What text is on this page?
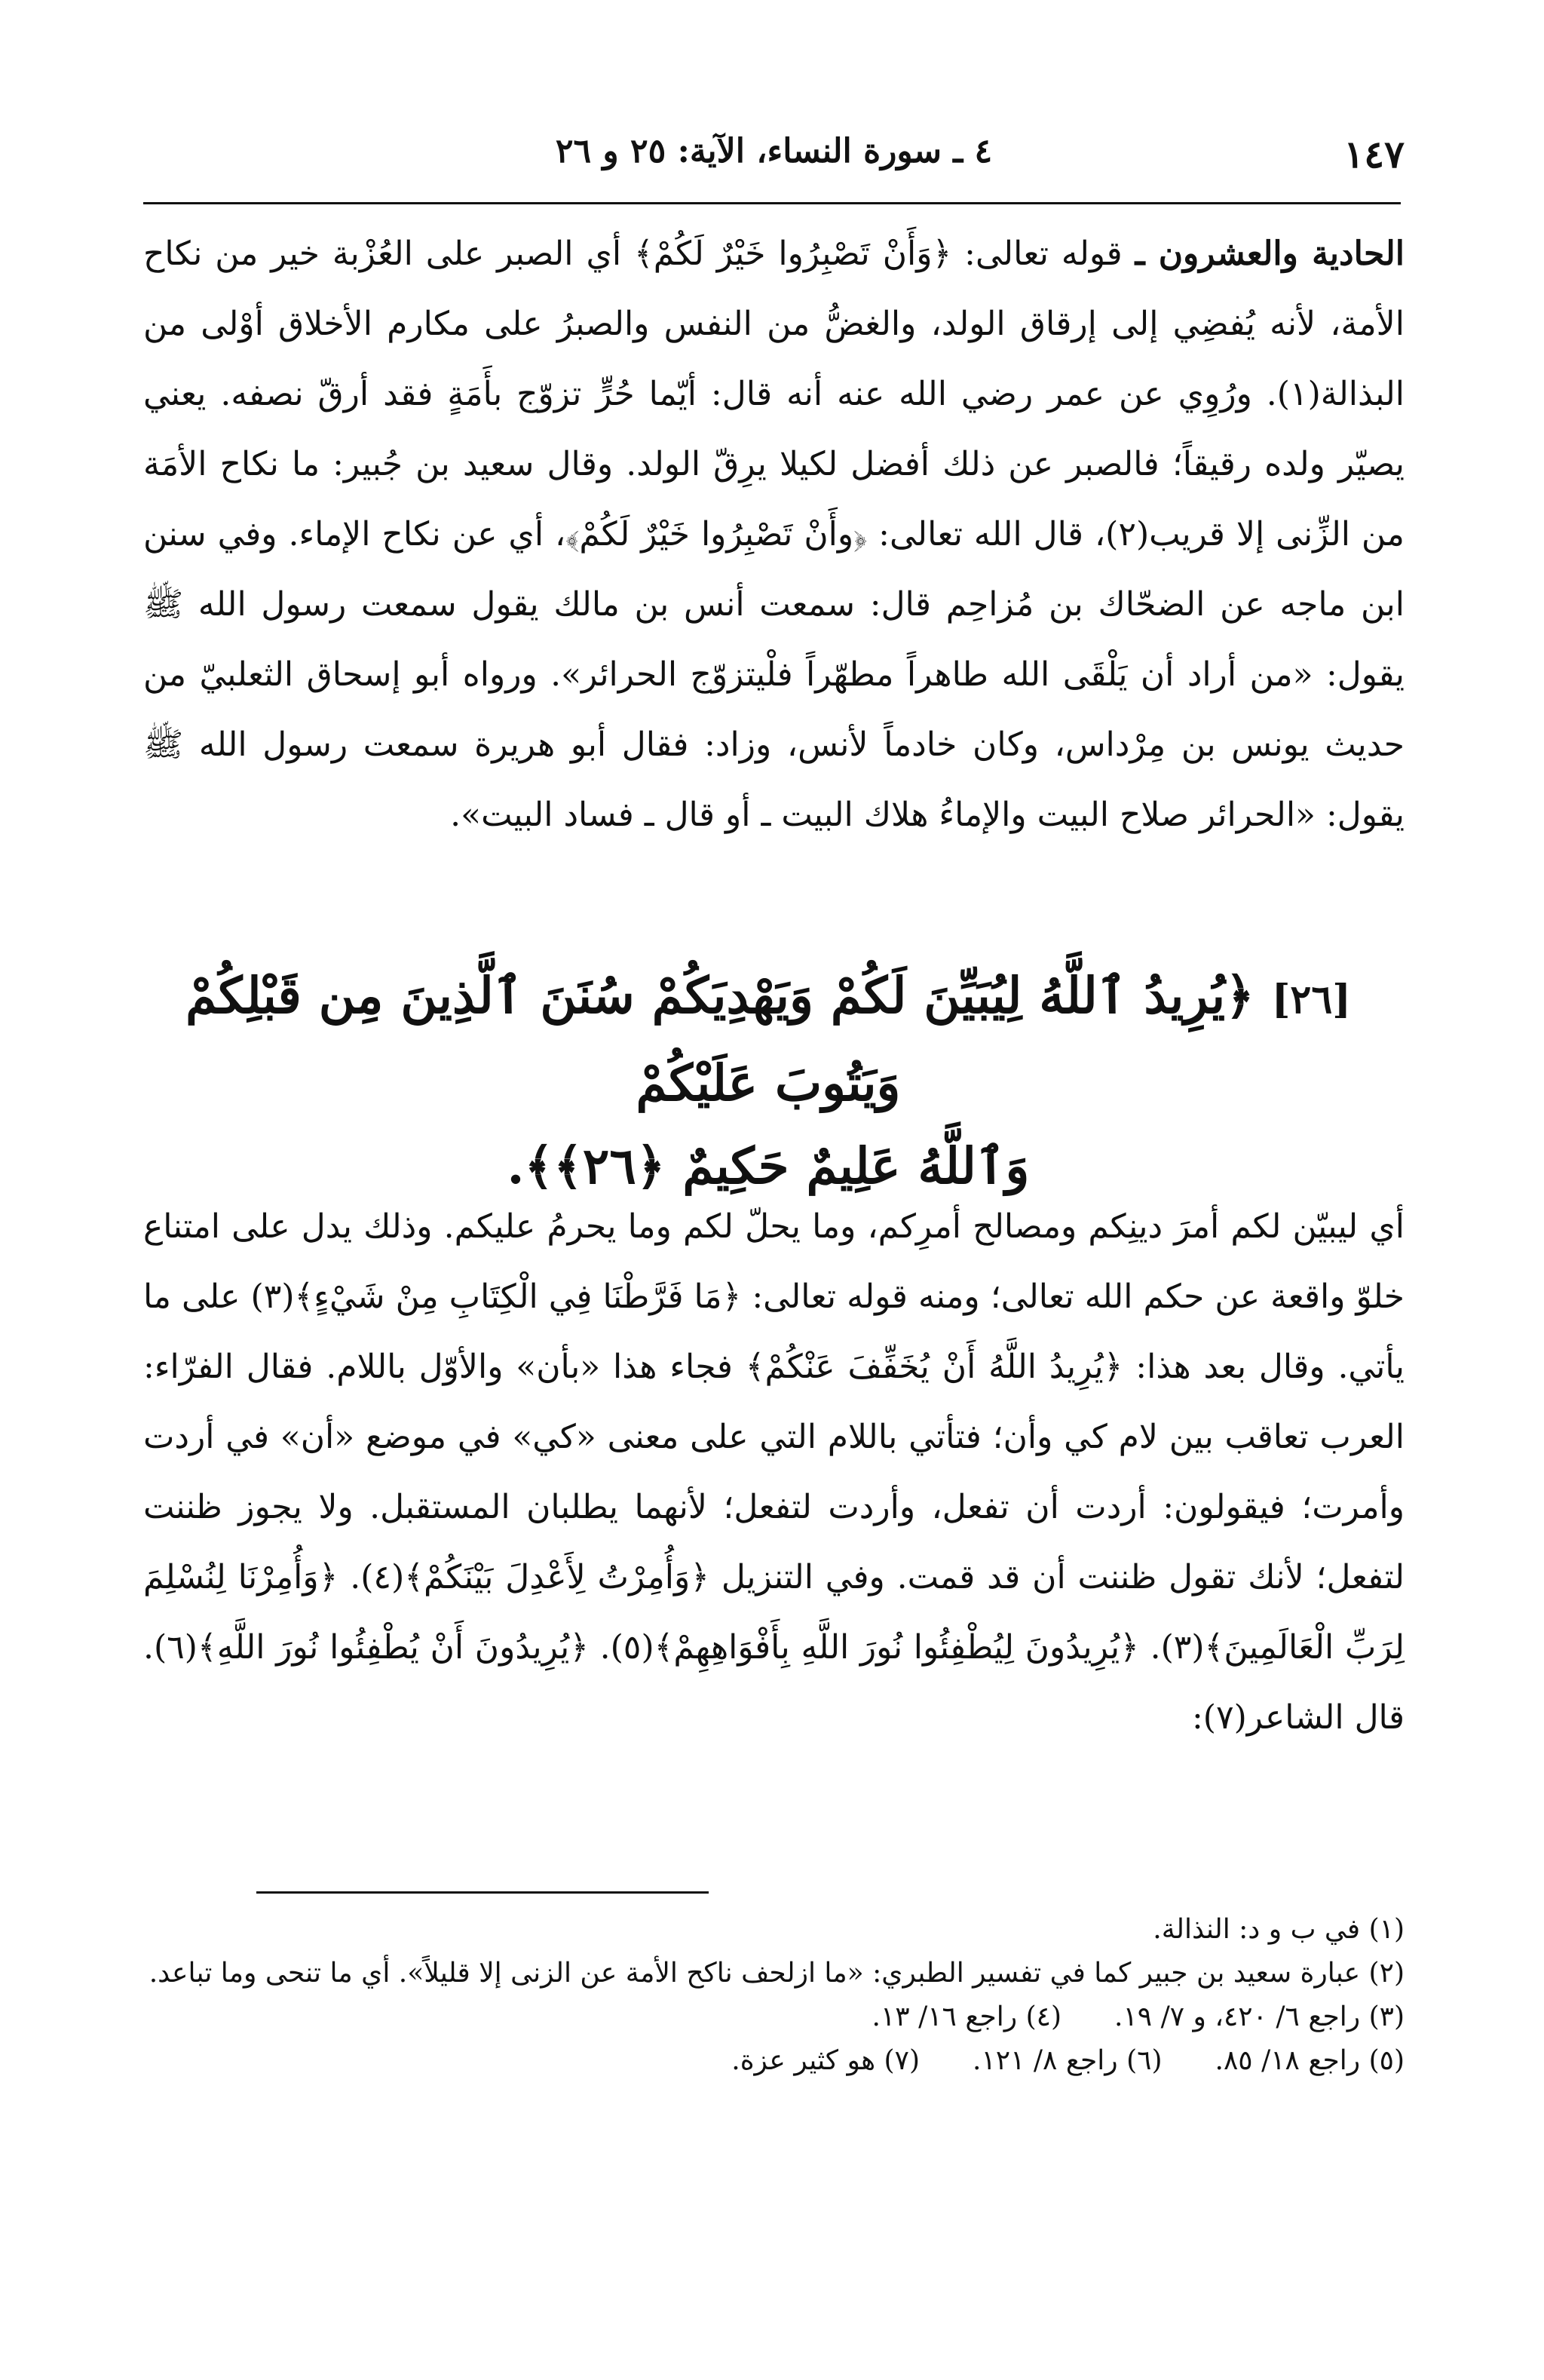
١٤٧
٤ ـ سورة النساء، الآية: ٢٥ و ٢٦

الحادية والعشرون ـ قوله تعالى: ﴿وَأَنْ تَصْبِرُوا خَيْرٌ لَكُمْ﴾ أي الصبر على العُزْبة خير من نكاح الأمة، لأنه يُفضِي إلى إرقاق الولد، والغضُّ من النفس والصبرُ على مكارم الأخلاق أوْلى من البذالة(١). ورُوِي عن عمر رضي الله عنه أنه قال: أيّما حُرٍّ تزوّج بأَمَةٍ فقد أرقّ نصفه. يعني يصيّر ولده رقيقاً؛ فالصبر عن ذلك أفضل لكيلا يرِقّ الولد. وقال سعيد بن جُبير: ما نكاح الأمَة من الزِّنى إلا قريب(٢)، قال الله تعالى: ﴿وأَنْ تَصْبِرُوا خَيْرٌ لَكُمْ﴾، أي عن نكاح الإماء. وفي سنن ابن ماجه عن الضحّاك بن مُزاحِم قال: سمعت أنس بن مالك يقول سمعت رسول الله ﷺ يقول: «من أراد أن يَلْقَى الله طاهراً مطهّراً فلْيتزوّج الحرائر». ورواه أبو إسحاق الثعلبيّ من حديث يونس بن مِرْداس، وكان خادماً لأنس، وزاد: فقال أبو هريرة سمعت رسول الله ﷺ يقول: «الحرائر صلاح البيت والإماءُ هلاك البيت ـ أو قال ـ فساد البيت».

[٢٦] ﴿يُرِيدُ ٱللَّهُ لِيُبَيِّنَ لَكُمْ وَيَهْدِيَكُمْ سُنَنَ ٱلَّذِينَ مِن قَبْلِكُمْ وَيَتُوبَ عَلَيْكُمْ
وَٱللَّهُ عَلِيمٌ حَكِيمٌ ﴿٢٦﴾﴾.

أي ليبيّن لكم أمرَ دينِكم ومصالح أمرِكم، وما يحلّ لكم وما يحرمُ عليكم. وذلك يدل على امتناع خلوّ واقعة عن حكم الله تعالى؛ ومنه قوله تعالى: ﴿مَا فَرَّطْنَا فِي الْكِتَابِ مِنْ شَيْءٍ﴾(٣) على ما يأتي. وقال بعد هذا: ﴿يُرِيدُ اللَّهُ أَنْ يُخَفِّفَ عَنْكُمْ﴾ فجاء هذا «بأن» والأوّل باللام. فقال الفرّاء: العرب تعاقب بين لام كي وأن؛ فتأتي باللام التي على معنى «كي» في موضع «أن» في أردت وأمرت؛ فيقولون: أردت أن تفعل، وأردت لتفعل؛ لأنهما يطلبان المستقبل. ولا يجوز ظننت لتفعل؛ لأنك تقول ظننت أن قد قمت. وفي التنزيل ﴿وَأُمِرْتُ لِأَعْدِلَ بَيْنَكُمْ﴾(٤). ﴿وَأُمِرْنَا لِنُسْلِمَ لِرَبِّ الْعَالَمِينَ﴾(٣). ﴿يُرِيدُونَ لِيُطْفِئُوا نُورَ اللَّهِ بِأَفْوَاهِهِمْ﴾(٥). ﴿يُرِيدُونَ أَنْ يُطْفِئُوا نُورَ اللَّهِ﴾(٦). قال الشاعر(٧):

(١) في ب و د: النذالة.

(٢) عبارة سعيد بن جبير كما في تفسير الطبري: «ما ازلحف ناكح الأمة عن الزنى إلا قليلاً». أي ما تنحى وما تباعد.

(٣) راجع ٦/ ٤٢٠، و ٧/ ١٩.

(٤) راجع ١٦/ ١٣.

(٥) راجع ١٨/ ٨٥.

(٦) راجع ٨/ ١٢١.

(٧) هو كثير عزة.
